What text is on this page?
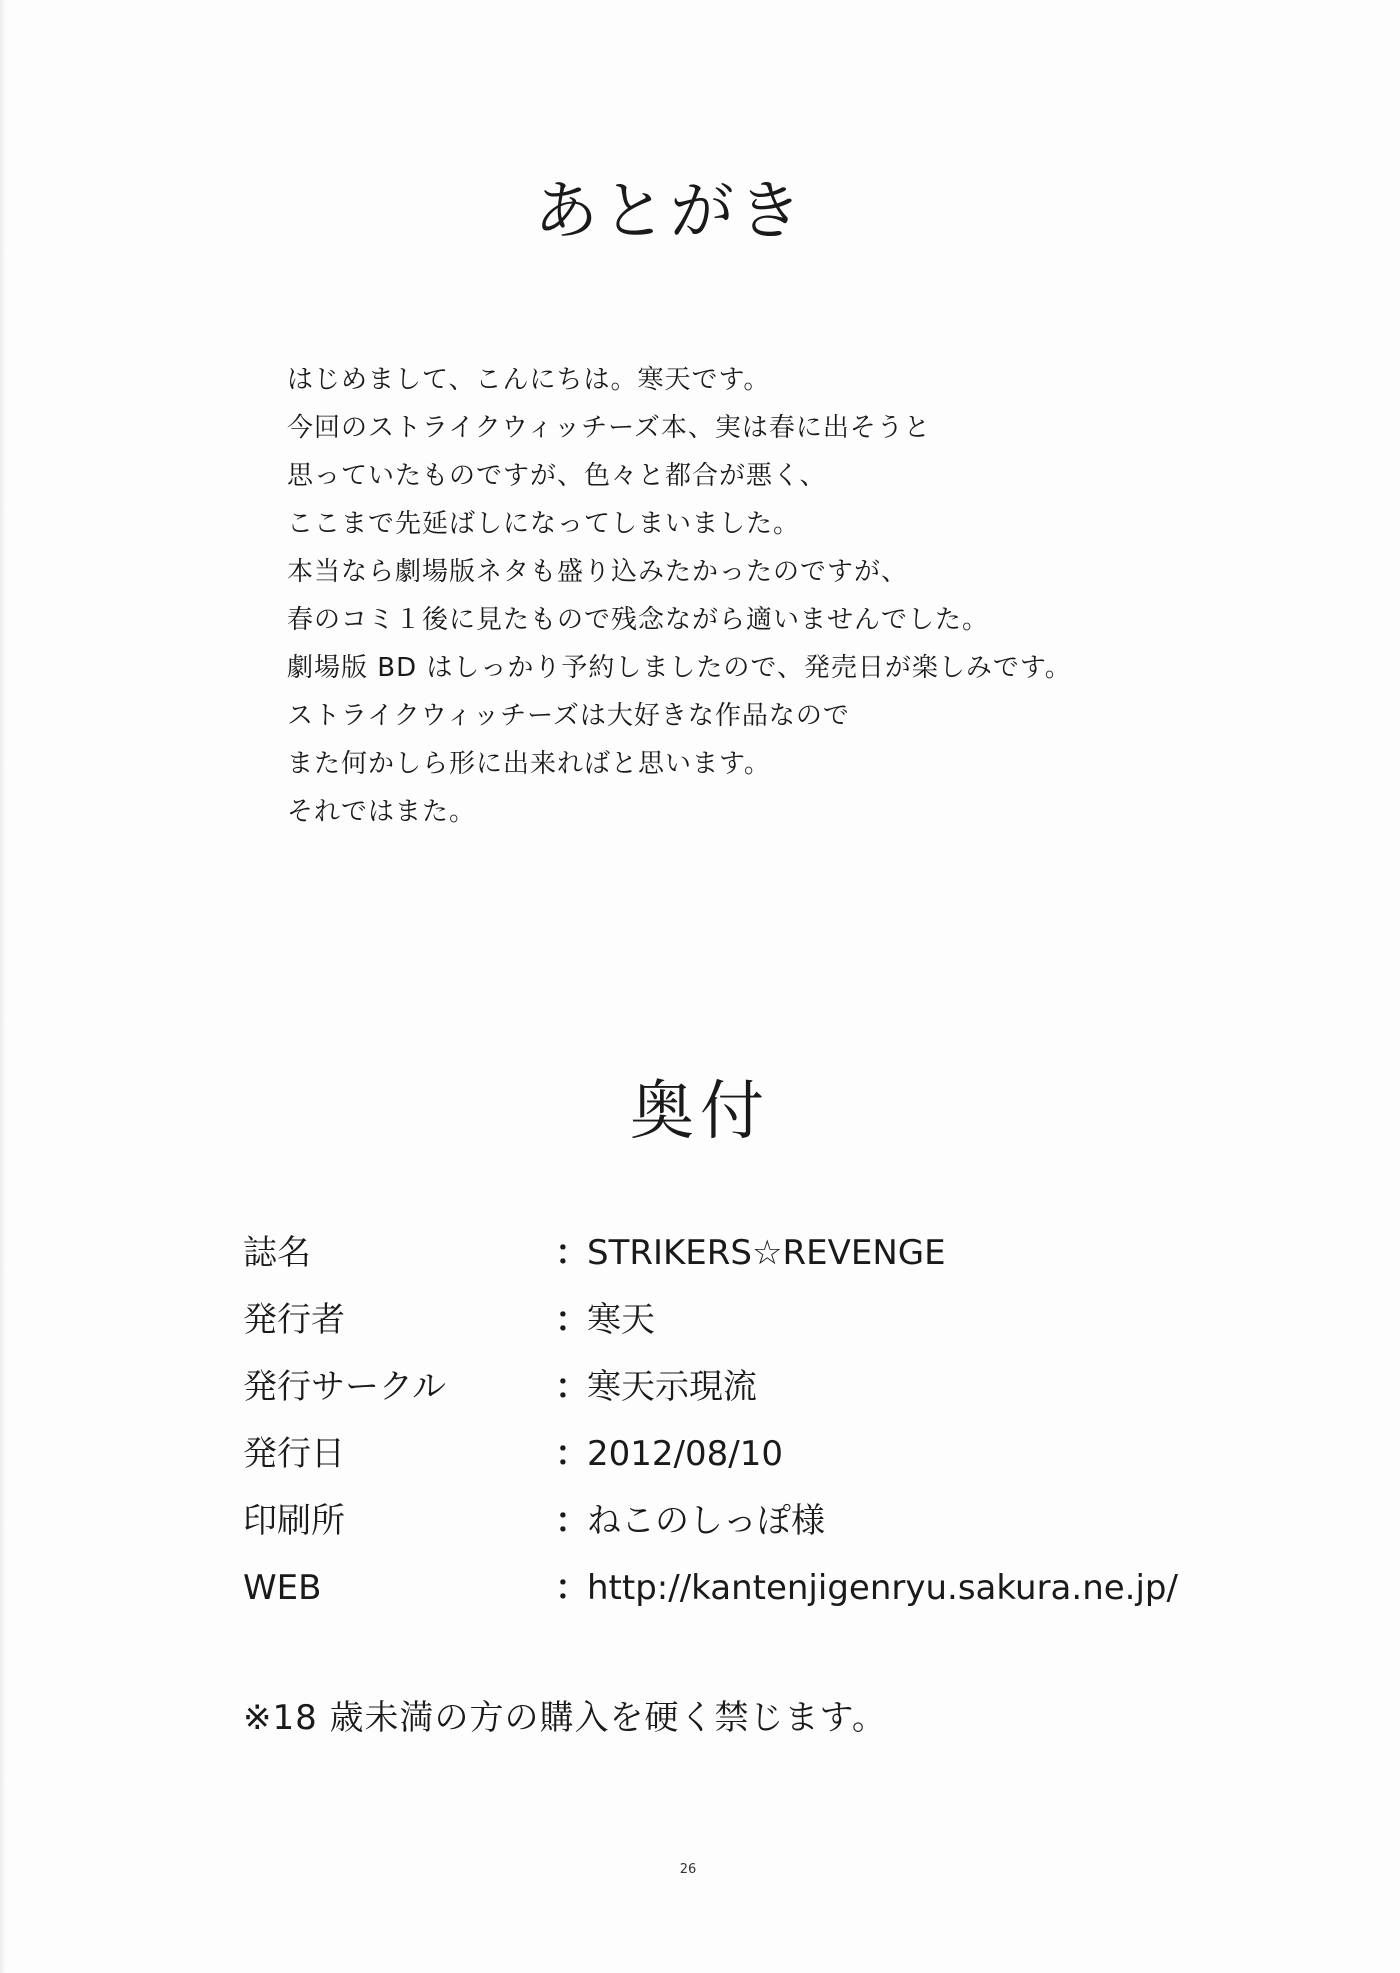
あとがき
はじめまして、こんにちは。寒天です。
今回のストライクウィッチーズ本、実は春に出そうと
思っていたものですが、色々と都合が悪く、
ここまで先延ばしになってしまいました。
本当なら劇場版ネタも盛り込みたかったのですが、
春のコミ１後に見たもので残念ながら適いませんでした。
劇場版 BD はしっかり予約しましたので、発売日が楽しみです。
ストライクウィッチーズは大好きな作品なので
また何かしら形に出来ればと思います。
それではまた。
奥付
誌名	：
STRIKERS☆REVENGE
発行者	：
寒天
発行サークル	：
寒天示現流
発行日	：
2012/08/10
印刷所	：
ねこのしっぽ様
WEB	：
http://kantenjigenryu.sakura.ne.jp/
※18 歳未満の方の購入を硬く禁じます。
26
